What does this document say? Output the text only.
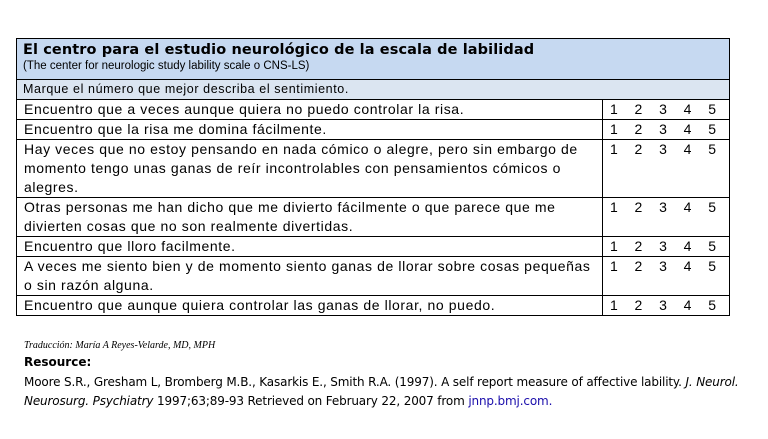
El centro para el estudio neurológico de la escala de labilidad
(The center for neurologic study lability scale o CNS-LS)	

Marque el número que mejor describa el sentimiento.	
Encuentro que a veces aunque quiera no puedo controlar la risa.	1 2 3 4 5

Encuentro que la risa me domina fácilmente.	1 2 3 4 5

Hay veces que no estoy pensando en nada cómico o alegre, pero sin embargo de momento tengo unas ganas de reír incontrolables con pensamientos cómicos o alegres.	1 2 3 4 5

Otras personas me han dicho que me divierto fácilmente o que parece que me divierten cosas que no son realmente divertidas.	1 2 3 4 5

Encuentro que lloro facilmente.	1 2 3 4 5

A veces me siento bien y de momento siento ganas de llorar sobre cosas pequeñas o sin razón alguna.	1 2 3 4 5

Encuentro que aunque quiera controlar las ganas de llorar, no puedo.	1 2 3 4 5
Traducción: María A Reyes-Velarde, MD, MPH
Resource:
Moore S.R., Gresham L, Bromberg M.B., Kasarkis E., Smith R.A. (1997). A self report measure of affective lability. J. Neurol. Neurosurg. Psychiatry 1997;63;89-93 Retrieved on February 22, 2007 from jnnp.bmj.com.
